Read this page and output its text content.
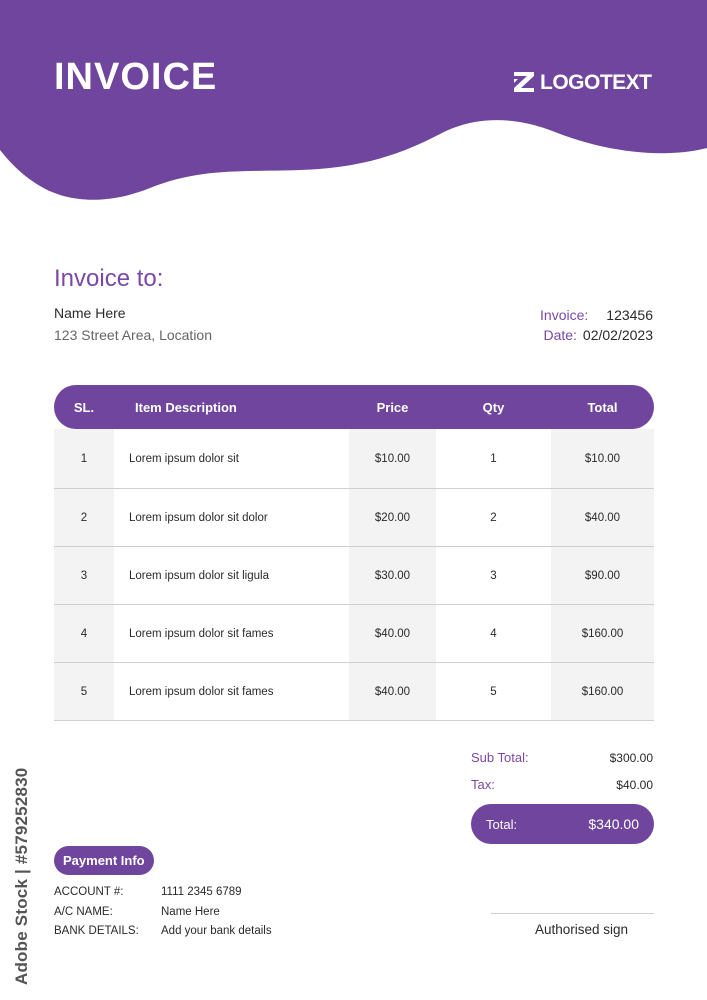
INVOICE	LOGOTEXT
Invoice to:
Name Here
123 Street Area, Location
Invoice: 123456
Date: 02/02/2023
SL.	Item Description	Price	Qty	Total
1	Lorem ipsum dolor sit	$10.00	1	$10.00
2	Lorem ipsum dolor sit dolor	$20.00	2	$40.00
3	Lorem ipsum dolor sit ligula	$30.00	3	$90.00
4	Lorem ipsum dolor sit fames	$40.00	4	$160.00
5	Lorem ipsum dolor sit fames	$40.00	5	$160.00
Sub Total:	$300.00
Tax:	$40.00
Total:	$340.00
Payment Info
ACCOUNT #:	1111 2345 6789
A/C NAME:	Name Here
BANK DETAILS:	Add your bank details	Authorised sign
Adobe Stock | #579252830
